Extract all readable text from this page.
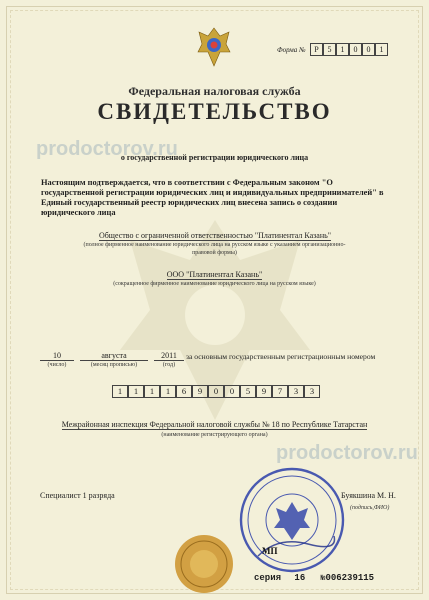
Форма №	Р	5	1	0	0	1
Федеральная налоговая служба
СВИДЕТЕЛЬСТВО
prodoctorov.ru
о государственной регистрации юридического лица
Настоящим подтверждается, что в соответствии с Федеральным законом "О государственной регистрации юридических лиц и индивидуальных предпринимателей" в Единый государственный реестр юридических лиц внесена запись о создании юридического лица
Общество с ограниченной ответственностью "Платинентал Казань"
(полное фирменное наименование юридического лица на русском языке с указанием организационно-правовой формы)
ООО "Платинентал Казань"
(сокращенное фирменное наименование юридического лица на русском языке)
10
(число)
августа
(месяц прописью)
2011
(год)
за основным государственным регистрационным номером
1	1	1	1	6	9	0	0	5	9	7	3	3
Межрайонная инспекция Федеральной налоговой службы № 18 по Республике Татарстан
(наименование регистрирующего органа)
prodoctorov.ru
Специалист 1 разряда
МП
Буякшина М. Н.
(подпись,ФИО)
серия 16 №006239115
